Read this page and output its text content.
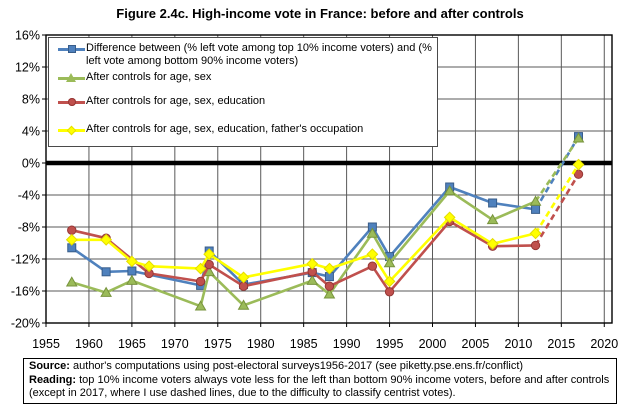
1955 1960 1965 1970 1975 1980 1985 1990 1995 2000 2005 2010 2015 2020
16%
12%
8%
4%
0%
-4%
-8%
-12%
-16%
-20%
Figure 2.4c. High-income vote in France: before and after controls
Difference between (% left vote among top 10% income voters) and (% left vote among bottom 90% income voters)
After controls for age, sex
After controls for age, sex, education
After controls for age, sex, education, father's occupation
Source: author's computations using post-electoral surveys1956-2017 (see piketty.pse.ens.fr/conflict)
Reading: top 10% income voters always vote less for the left than bottom 90% income voters, before and after controls (except in 2017, where I use dashed lines, due to the difficulty to classify centrist votes).
